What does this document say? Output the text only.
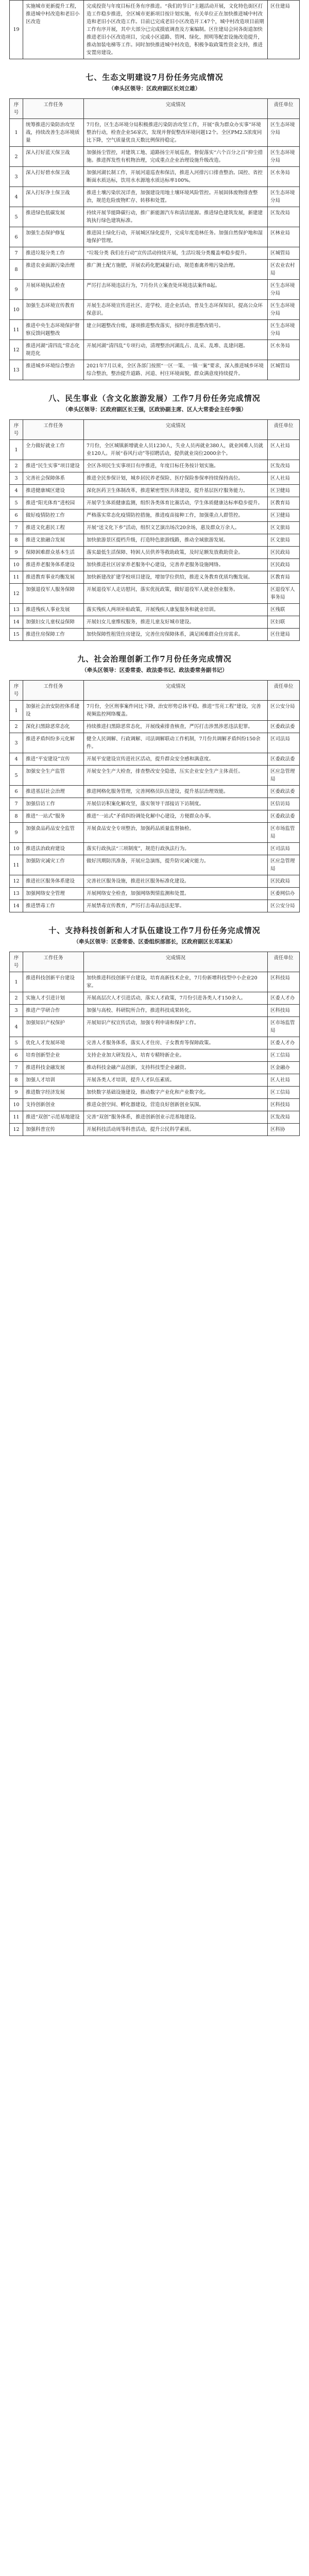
19	实施城市更新提升工程，推进城中村改造和老旧小区改造	完成投资与年度目标任务有序推进。“我们的节日”主题活动开展，文化特色街区打造工作稳步推进，全区城市更新项目按计划实施，有关单位正在加快推进城中村改造和老旧小区改造工作。目前已完成老旧小区改造开工47个，城中村改造项目前期工作有序开展，其中大部分已完成摸底调查及方案编制。区住建局会同各街道加快推进老旧小区改造项目，完成小区道路、管网、绿化、照明等配套设施改造提升，推动加装电梯等工作。同时加快推进城中村改造，积极争取政策性资金支持，推进安置房建设。	区住建局
七、生态文明建设7月份任务完成情况
（牵头区领导：区政府副区长刘立雄）
序号	工作任务	完成情况	责任单位
1	统筹推进污染防治攻坚战，持续改善生态环境质量	7月份，区生态环境分局积极推进污染防治攻坚工作，开展“我为群众办实事”环境整治行动，检查企业56家次，发现并督促整改环境问题12个。全区PM2.5浓度同比下降，空气质量优良天数比例保持稳定。	区生态环境分局
2	深入打好蓝天保卫战	加强扬尘管控，对建筑工地、道路扬尘开展巡查，督促落实“六个百分之百”抑尘措施。推进挥发性有机物治理，完成重点企业治理设施升级改造。	区生态环境分局
3	深入打好碧水保卫战	加强河湖长制工作，开展河道巡查和保洁，推进入河排污口排查整治。国控、省控断面水质达标，饮用水水源地水质达标率100%。	区水务局
4	深入打好净土保卫战	推进土壤污染状况详查，加强建设用地土壤环境风险管控。开展固体废物排查整治，规范危险废物贮存、转移和处置。	区生态环境分局
5	推进绿色低碳发展	持续开展节能降碳行动，推广新能源汽车和清洁能源。推进绿色建筑发展，新建建筑执行绿色建筑标准。	区发改局
6	加强生态保护修复	推进国土绿化行动，开展城区绿化提升，完成年度造林任务。加强自然保护地和湿地保护管理。	区林业局
7	推进垃圾分类工作	“垃圾分类 我们在行动”宣传活动持续开展，生活垃圾分类覆盖率稳步提升。	区城管局
8	推进农业面源污染治理	推广测土配方施肥，开展农药化肥减量行动，规范畜禽养殖污染治理。	区农业农村局
9	开展环境执法检查	严厉打击环境违法行为，7月份共立案查处环境违法案件8起。	区生态环境分局
10	加强生态环境宣传教育	开展生态环境宣传进社区、进学校、进企业活动，普及生态环保知识，提高公众环保意识。	区生态环境分局
11	推进中央生态环境保护督察反馈问题整改	建立问题整改台账，逐项推进整改落实，按时序推进整改销号。	区生态环境分局
12	推进河湖“清四乱”常态化规范化	开展河湖“清四乱”专项行动，清理整治河湖乱占、乱采、乱堆、乱建问题。	区水务局
13	推进城乡环境综合整治	2021年7月以来，全区各部门按照“一区一策、一镇一案”要求，深入推进城乡环境综合整治，整治提升道路、河道、村庄环境面貌，群众满意度持续提升。	区城管局
八、民生事业（含文化旅游发展）工作7月份任务完成情况
（牵头区领导：区政府副区长王强，区政协副主席、区人大常委会主任李强）
序号	工作任务	完成情况	责任单位
1	全力做好就业工作	7月份，全区城镇新增就业人员1230人，失业人员再就业380人，就业困难人员就业120人。开展“春风行动”等招聘活动，提供就业岗位2000余个。	区人社局
2	推进“民生实事”项目建设	全区各项民生实事项目有序推进，年度目标任务按计划实施。	区发改局
3	完善社会保障体系	推进全民参保计划，城乡居民养老保险、医疗保险参保率持续保持高位。	区人社局
4	推进健康城区建设	深化医药卫生体制改革，推进紧密型医共体建设，提升基层医疗服务能力。	区卫健局
5	推进“阳光体育”进校园	开展学生体质健康监测，组织各类体育比赛活动，学生体质健康达标率稳步提升。	区教育局
6	做好疫情防控工作	严格落实常态化疫情防控措施，推进疫苗接种工作，加强重点人群管控。	区卫健局
7	推进文化惠民工程	开展“送文化下乡”活动，组织文艺演出场次20余场，惠及群众万余人。	区文旅局
8	推进文旅融合发展	加快旅游景区提档升级，打造特色旅游线路，推动全域旅游发展。	区文旅局
9	保障困难群众基本生活	落实最低生活保障、特困人员供养等救助政策，及时足额发放救助资金。	区民政局
10	推进养老服务体系建设	加快推进社区居家养老服务中心建设，完善养老服务设施网络。	区民政局
11	推进教育事业均衡发展	加快新建改扩建学校项目建设，增加学位供给，推进义务教育优质均衡发展。	区教育局
12	加强退役军人服务保障	开展退役军人走访慰问，落实优抚政策，做好退役军人就业创业服务。	区退役军人事务局
13	推进残疾人事业发展	落实残疾人两项补贴政策，开展残疾人康复服务和就业培训。	区残联
14	加强妇女儿童权益保障	开展妇女儿童维权服务，推进儿童友好城市建设。	区妇联
15	推进住房保障工作	加快保障性租赁住房建设，完善住房保障体系，满足困难群众住房需求。	区住建局
九、社会治理创新工作7月份任务完成情况
（牵头区领导：区委常委、政法委书记、政法委常务副书记）
序号	工作任务	完成情况	责任单位
1	加强社会治安防控体系建设	7月份，全区刑事案件同比下降，治安形势总体平稳。推进“雪亮工程”建设，完善视频监控网络覆盖。	区公安分局
2	深化扫黑除恶常态化	持续推进扫黑除恶常态化，开展线索排查核查，严厉打击涉黑涉恶违法犯罪。	区委政法委
3	推进矛盾纠纷多元化解	健全人民调解、行政调解、司法调解联动工作机制，7月份共调解矛盾纠纷150余件。	区司法局
4	推进“平安建设”宣传	开展平安建设宣传进社区活动，提升群众安全感和满意度。	区委政法委
5	加强安全生产监管	开展安全生产大检查，排查整改安全隐患，压实企业安全生产主体责任。	区应急管理局
6	推进基层社会治理	推进网格化服务管理，完善网格员队伍建设，提升基层治理效能。	区委政法委
7	加强信访工作	开展信访积案化解攻坚，落实领导干部接访下访制度。	区信访局
8	推进“一站式”服务	推进“一站式”矛盾纠纷调处化解中心建设，方便群众办事。	区委政法委
9	加强食品药品安全监管	开展食品安全专项整治，加强药品质量监督抽检。	区市场监管局
10	推进法治政府建设	落实行政执法“三项制度”，规范行政执法行为。	区司法局
11	加强防灾减灾工作	做好汛期防汛准备，开展应急演练，提升防灾减灾能力。	区应急管理局
12	推进社区服务体系建设	完善社区服务设施，推进社区服务标准化建设。	区民政局
13	加强网络安全管理	开展网络安全检查，加强网络舆情监测和处置。	区委网信办
14	推进禁毒工作	开展禁毒宣传教育，严厉打击毒品违法犯罪。	区公安分局
十、支持科技创新和人才队伍建设工作7月份任务完成情况
（牵头区领导：区委常委、区委组织部部长，区政府副区长邓某某）
序号	工作任务	完成情况	责任单位
1	推进科技创新平台建设	加快推进科技创新平台建设，培育高新技术企业，7月份新增科技型中小企业20家。	区科技局
2	实施人才引进计划	开展高层次人才引进活动，落实人才政策，7月份引进各类人才150余人。	区委人才办
3	推进产学研合作	加强与高校、科研院所合作，推进科技成果转化。	区科技局
4	加强知识产权保护	开展知识产权宣传活动，加强专利申请和保护工作。	区市场监管局
5	优化人才发展环境	完善人才服务体系，落实人才住房、子女教育等保障政策。	区委人才办
6	培育创新型企业	支持企业加大研发投入，培育专精特新企业。	区工信局
7	推进科技金融发展	推动科技金融产品创新，支持科技型企业融资。	区金融办
8	加强人才培训	开展各类人才培训，提升人才队伍素质。	区人社局
9	推进数字经济发展	加快数字基础设施建设，推动数字产业化和产业数字化。	区工信局
10	支持创新创业	推进众创空间、孵化器建设，营造良好创新创业氛围。	区科技局
11	推进“双创”示范基地建设	完善“双创”服务体系，推进创新创业示范基地建设。	区发改局
12	加强科普宣传	开展科技活动周等科普活动，提升公民科学素质。	区科协
